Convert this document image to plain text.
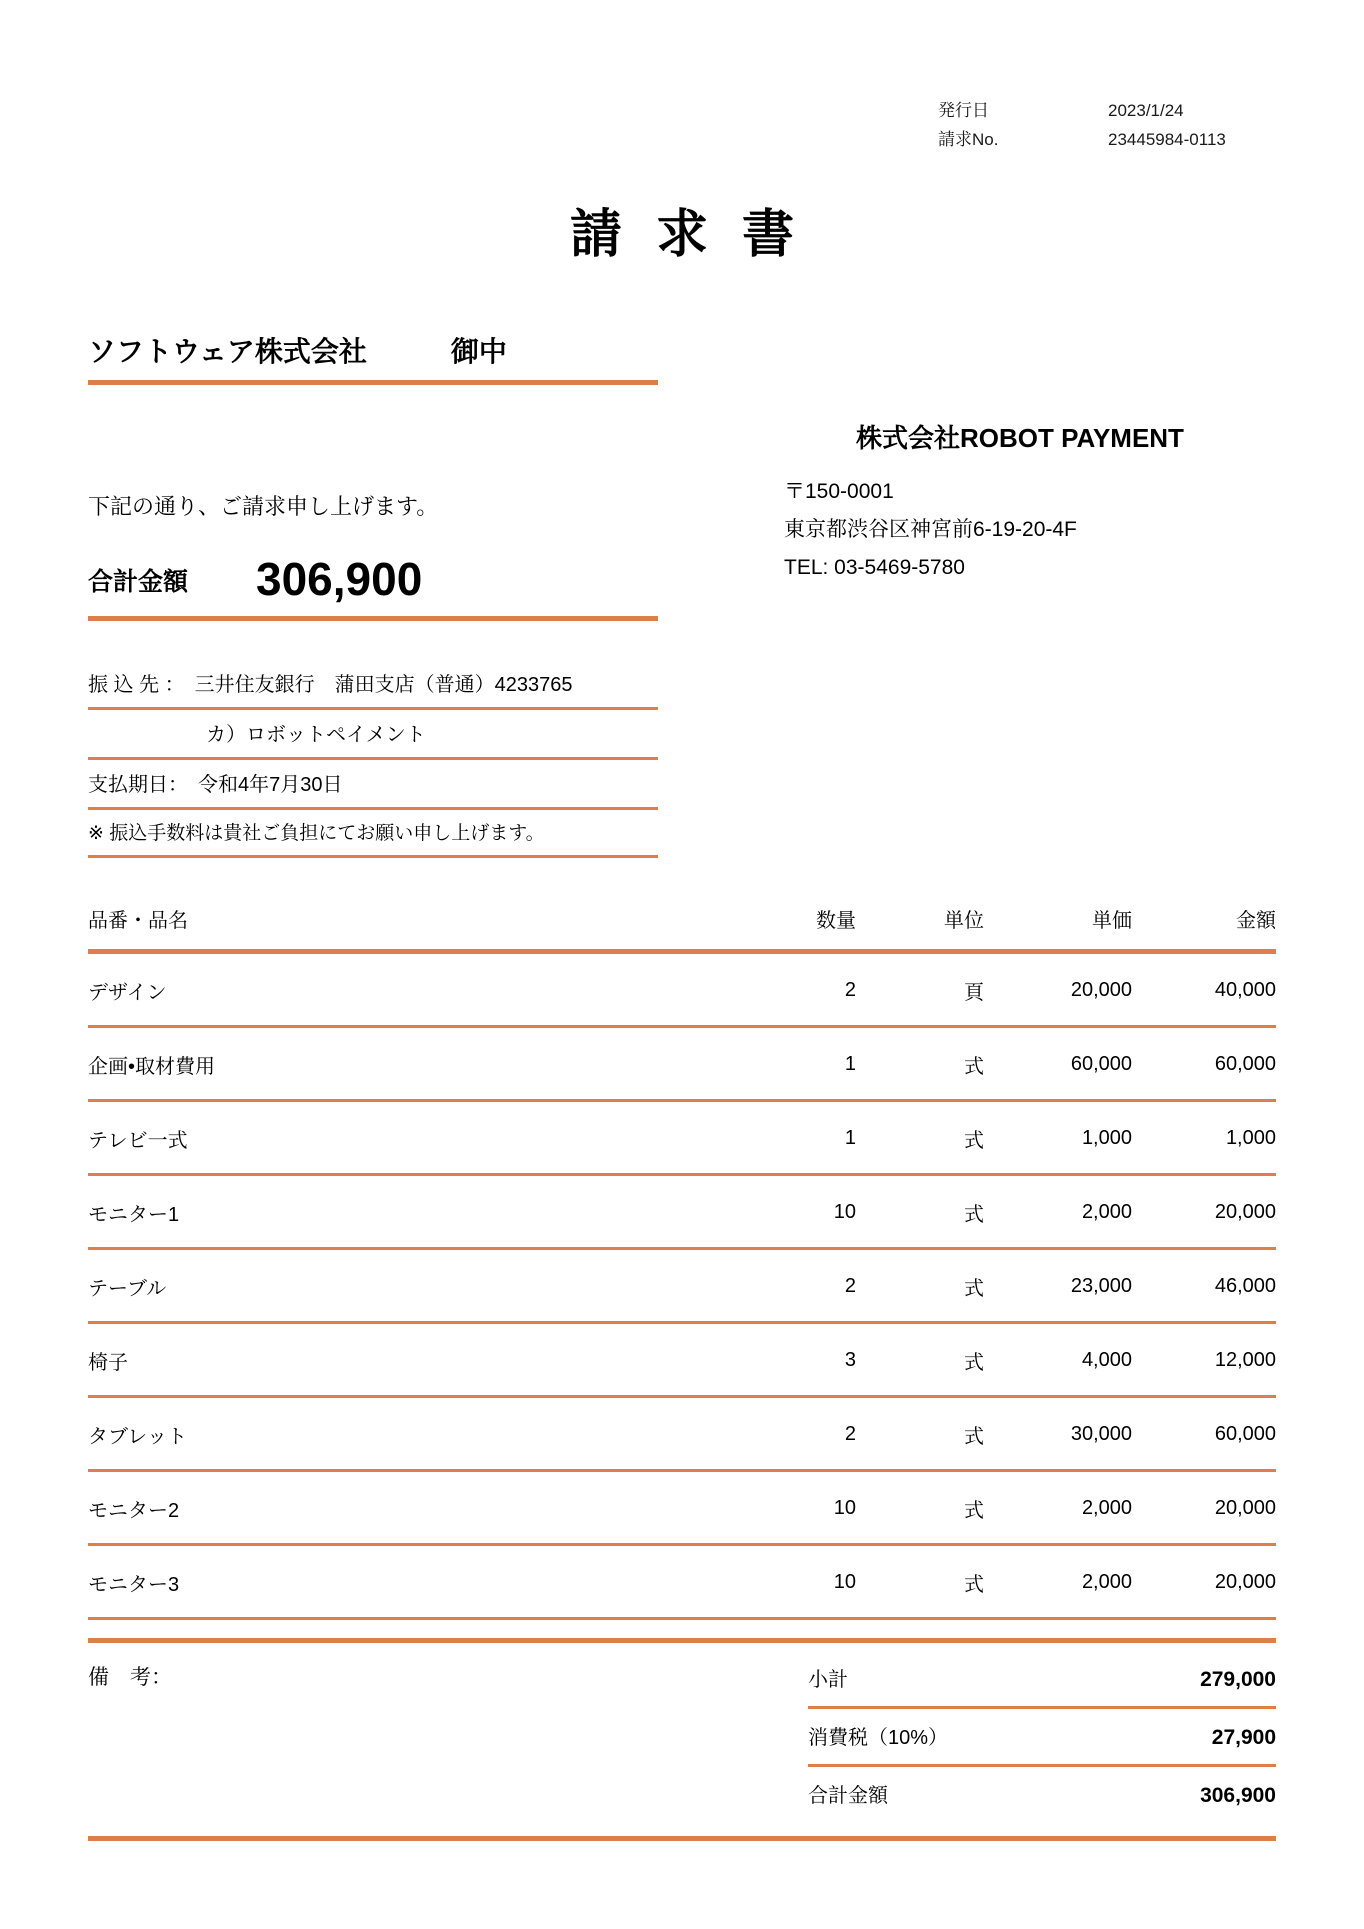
発行日	2023/1/24
請求No.	23445984-0113
請求書
ソフトウェア株式会社　　　御中
下記の通り、ご請求申し上げます。
株式会社ROBOT PAYMENT
〒150-0001
東京都渋谷区神宮前6-19-20-4F
TEL: 03-5469-5780
合計金額	306,900
振 込 先 ：　三井住友銀行　蒲田支店（普通）4233765
カ）ロボットペイメント
支払期日：　令和4年7月30日
※ 振込手数料は貴社ご負担にてお願い申し上げます。
品番・品名	数量	単位	単価	金額
デザイン	2	頁	20,000	40,000
企画•取材費用	1	式	60,000	60,000
テレビ一式	1	式	1,000	1,000
モニター1	10	式	2,000	20,000
テーブル	2	式	23,000	46,000
椅子	3	式	4,000	12,000
タブレット	2	式	30,000	60,000
モニター2	10	式	2,000	20,000
モニター3	10	式	2,000	20,000
備　考：	小計	279,000
消費税（10%）	27,900
合計金額	306,900
